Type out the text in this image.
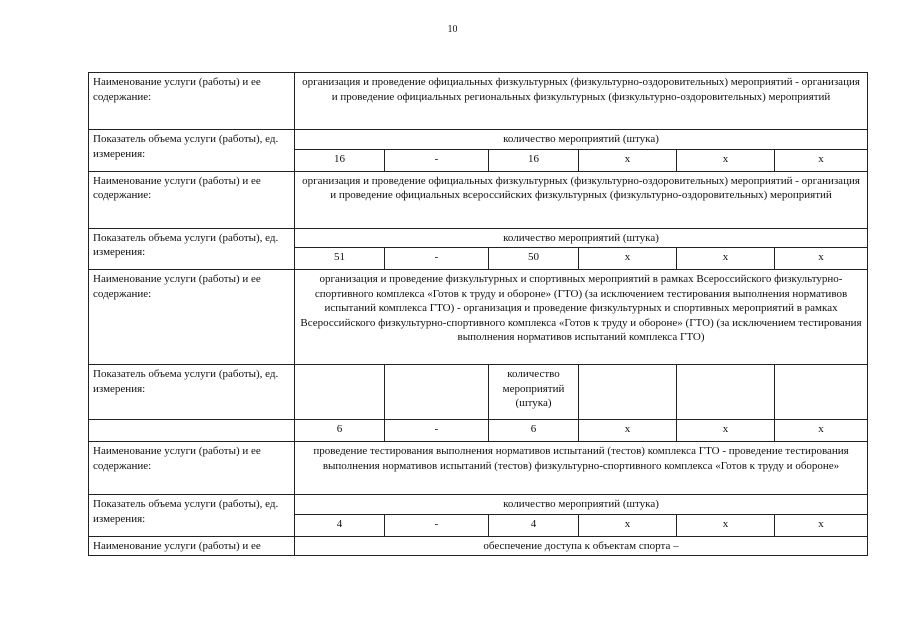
10
Наименование услуги (работы) и ее содержание:	организация и проведение официальных физкультурных (физкультурно-оздоровительных) мероприятий - организация и проведение официальных региональных физкультурных (физкультурно-оздоровительных) мероприятий					
Показатель объема услуги (работы), ед. измерения:	количество мероприятий (штука)					
	16	-	16	х	х	х
Наименование услуги (работы) и ее содержание:	организация и проведение официальных физкультурных (физкультурно-оздоровительных) мероприятий - организация и проведение официальных всероссийских физкультурных (физкультурно-оздоровительных) мероприятий					
Показатель объема услуги (работы), ед. измерения:	количество мероприятий (штука)					
	51	-	50	х	х	х
Наименование услуги (работы) и ее содержание:	организация и проведение физкультурных и спортивных мероприятий в рамках Всероссийского физкультурно-спортивного комплекса «Готов к труду и обороне» (ГТО) (за исключением тестирования выполнения нормативов испытаний комплекса ГТО) - организация и проведение физкультурных и спортивных мероприятий в рамках Всероссийского физкультурно-спортивного комплекса «Готов к труду и обороне» (ГТО) (за исключением тестирования выполнения нормативов испытаний комплекса ГТО)					
Показатель объема услуги (работы), ед. измерения:			количество мероприятий (штука)			
	6	-	6	х	х	х
Наименование услуги (работы) и ее содержание:	проведение тестирования выполнения нормативов испытаний (тестов) комплекса ГТО - проведение тестирования выполнения нормативов испытаний (тестов) физкультурно-спортивного комплекса «Готов к труду и обороне»					
Показатель объема услуги (работы), ед. измерения:	количество мероприятий (штука)					
	4	-	4	х	х	х
Наименование услуги (работы) и ее	обеспечение доступа к объектам спорта –					
